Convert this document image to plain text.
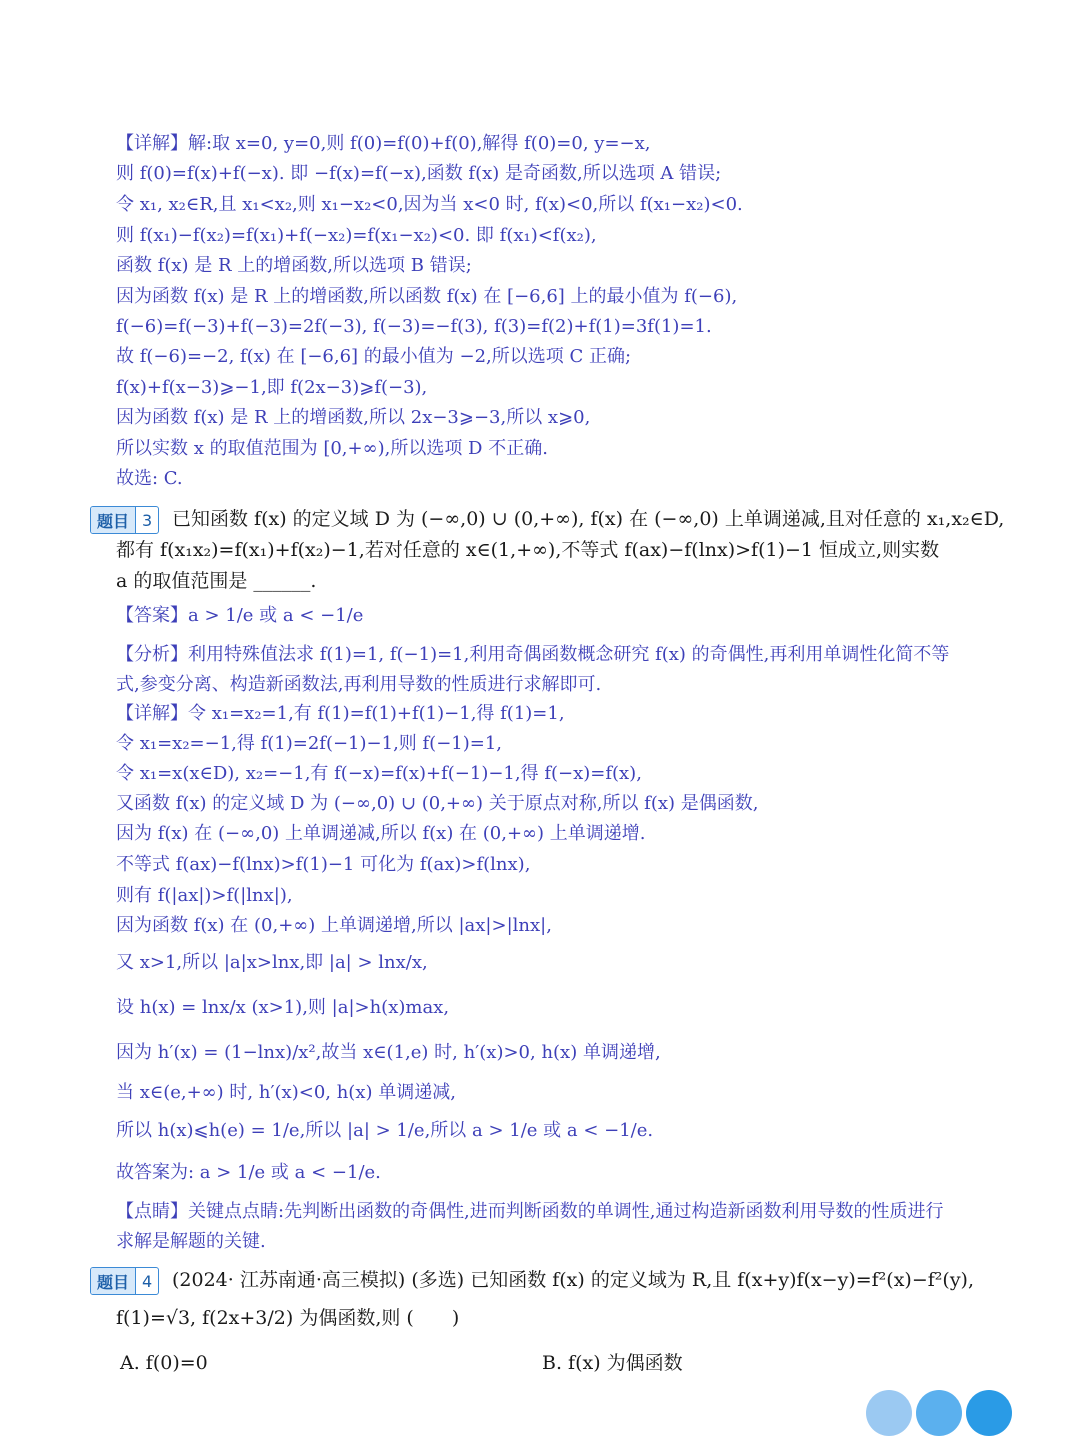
【详解】解:取 x=0, y=0,则 f(0)=f(0)+f(0),解得 f(0)=0, y=−x,
则 f(0)=f(x)+f(−x). 即 −f(x)=f(−x),函数 f(x) 是奇函数,所以选项 A 错误;
令 x₁, x₂∈R,且 x₁<x₂,则 x₁−x₂<0,因为当 x<0 时, f(x)<0,所以 f(x₁−x₂)<0.
则 f(x₁)−f(x₂)=f(x₁)+f(−x₂)=f(x₁−x₂)<0. 即 f(x₁)<f(x₂),
函数 f(x) 是 R 上的增函数,所以选项 B 错误;
因为函数 f(x) 是 R 上的增函数,所以函数 f(x) 在 [−6,6] 上的最小值为 f(−6),
f(−6)=f(−3)+f(−3)=2f(−3), f(−3)=−f(3), f(3)=f(2)+f(1)=3f(1)=1.
故 f(−6)=−2, f(x) 在 [−6,6] 的最小值为 −2,所以选项 C 正确;
f(x)+f(x−3)⩾−1,即 f(2x−3)⩾f(−3),
因为函数 f(x) 是 R 上的增函数,所以 2x−3⩾−3,所以 x⩾0,
所以实数 x 的取值范围为 [0,+∞),所以选项 D 不正确.
故选: C.
题目 3	已知函数 f(x) 的定义域 D 为 (−∞,0) ∪ (0,+∞), f(x) 在 (−∞,0) 上单调递减,且对任意的 x₁,x₂∈D,
都有 f(x₁x₂)=f(x₁)+f(x₂)−1,若对任意的 x∈(1,+∞),不等式 f(ax)−f(lnx)>f(1)−1 恒成立,则实数
a 的取值范围是 ______.
【答案】a > 1/e 或 a < −1/e
【分析】利用特殊值法求 f(1)=1, f(−1)=1,利用奇偶函数概念研究 f(x) 的奇偶性,再利用单调性化简不等
式,参变分离、构造新函数法,再利用导数的性质进行求解即可.
【详解】令 x₁=x₂=1,有 f(1)=f(1)+f(1)−1,得 f(1)=1,
令 x₁=x₂=−1,得 f(1)=2f(−1)−1,则 f(−1)=1,
令 x₁=x(x∈D), x₂=−1,有 f(−x)=f(x)+f(−1)−1,得 f(−x)=f(x),
又函数 f(x) 的定义域 D 为 (−∞,0) ∪ (0,+∞) 关于原点对称,所以 f(x) 是偶函数,
因为 f(x) 在 (−∞,0) 上单调递减,所以 f(x) 在 (0,+∞) 上单调递增.
不等式 f(ax)−f(lnx)>f(1)−1 可化为 f(ax)>f(lnx),
则有 f(|ax|)>f(|lnx|),
因为函数 f(x) 在 (0,+∞) 上单调递增,所以 |ax|>|lnx|,
又 x>1,所以 |a|x>lnx,即 |a| > lnx/x,
设 h(x) = lnx/x (x>1),则 |a|>h(x)max,
因为 h′(x) = (1−lnx)/x²,故当 x∈(1,e) 时, h′(x)>0, h(x) 单调递增,
当 x∈(e,+∞) 时, h′(x)<0, h(x) 单调递减,
所以 h(x)⩽h(e) = 1/e,所以 |a| > 1/e,所以 a > 1/e 或 a < −1/e.
故答案为: a > 1/e 或 a < −1/e.
【点睛】关键点点睛:先判断出函数的奇偶性,进而判断函数的单调性,通过构造新函数利用导数的性质进行
求解是解题的关键.
题目 4	(2024· 江苏南通·高三模拟) (多选) 已知函数 f(x) 的定义域为 R,且 f(x+y)f(x−y)=f²(x)−f²(y),
f(1)=√3, f(2x+3/2) 为偶函数,则 (　　)
A. f(0)=0	B. f(x) 为偶函数
